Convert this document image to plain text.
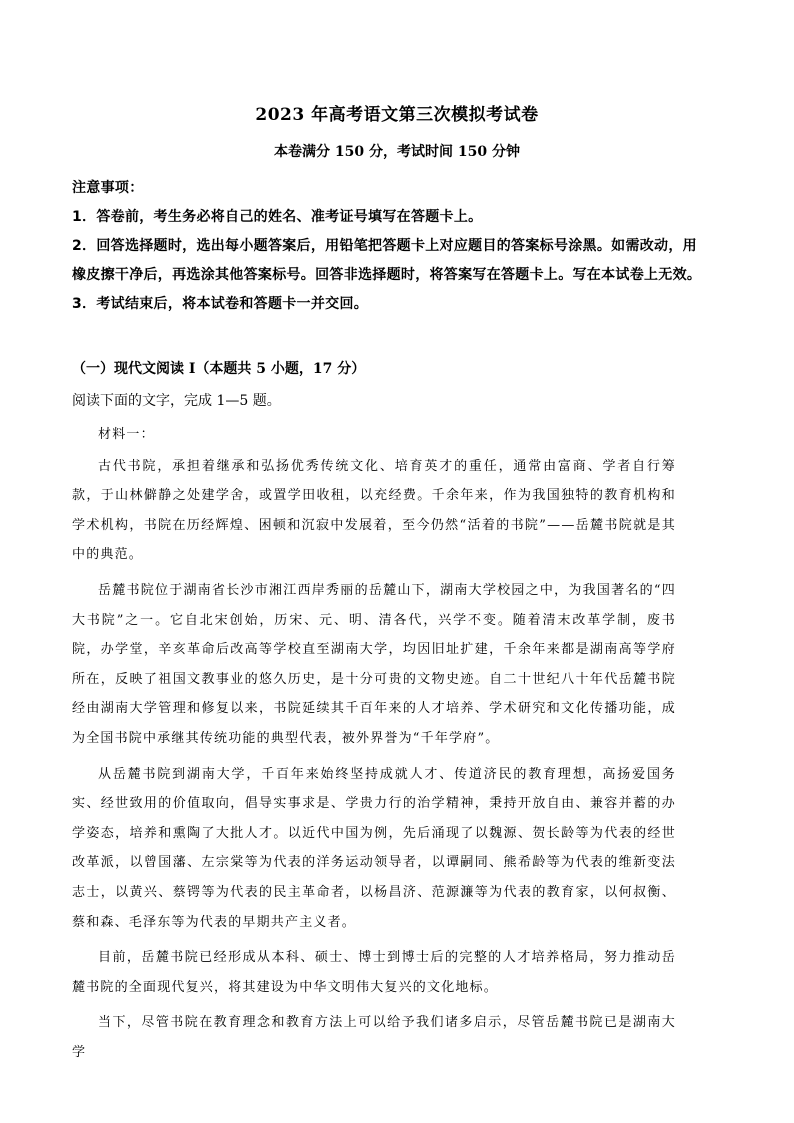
2023 年高考语文第三次模拟考试卷
本卷满分 150 分，考试时间 150 分钟

注意事项：

1．答卷前，考生务必将自己的姓名、准考证号填写在答题卡上。

2．回答选择题时，选出每小题答案后，用铅笔把答题卡上对应题目的答案标号涂黑。如需改动，用橡皮擦干净后，再选涂其他答案标号。回答非选择题时，将答案写在答题卡上。写在本试卷上无效。

3．考试结束后，将本试卷和答题卡一并交回。

（一）现代文阅读 I（本题共 5 小题，17 分）
阅读下面的文字，完成 1—5 题。

材料一：

古代书院，承担着继承和弘扬优秀传统文化、培育英才的重任，通常由富商、学者自行筹款，于山林僻静之处建学舍，或置学田收租，以充经费。千余年来，作为我国独特的教育机构和学术机构，书院在历经辉煌、困顿和沉寂中发展着，至今仍然“活着的书院”——岳麓书院就是其中的典范。

岳麓书院位于湖南省长沙市湘江西岸秀丽的岳麓山下，湖南大学校园之中，为我国著名的“四大书院”之一。它自北宋创始，历宋、元、明、清各代，兴学不变。随着清末改革学制，废书院，办学堂，辛亥革命后改高等学校直至湖南大学，均因旧址扩建，千余年来都是湖南高等学府所在，反映了祖国文教事业的悠久历史，是十分可贵的文物史迹。自二十世纪八十年代岳麓书院经由湖南大学管理和修复以来，书院延续其千百年来的人才培养、学术研究和文化传播功能，成为全国书院中承继其传统功能的典型代表，被外界誉为“千年学府”。

从岳麓书院到湖南大学，千百年来始终坚持成就人才、传道济民的教育理想，高扬爱国务实、经世致用的价值取向，倡导实事求是、学贵力行的治学精神，秉持开放自由、兼容并蓄的办学姿态，培养和熏陶了大批人才。以近代中国为例，先后涌现了以魏源、贺长龄等为代表的经世改革派，以曾国藩、左宗棠等为代表的洋务运动领导者，以谭嗣同、熊希龄等为代表的维新变法志士，以黄兴、蔡锷等为代表的民主革命者，以杨昌济、范源濂等为代表的教育家，以何叔衡、蔡和森、毛泽东等为代表的早期共产主义者。

目前，岳麓书院已经形成从本科、硕士、博士到博士后的完整的人才培养格局，努力推动岳麓书院的全面现代复兴，将其建设为中华文明伟大复兴的文化地标。

当下，尽管书院在教育理念和教育方法上可以给予我们诸多启示，尽管岳麓书院已是湖南大学
